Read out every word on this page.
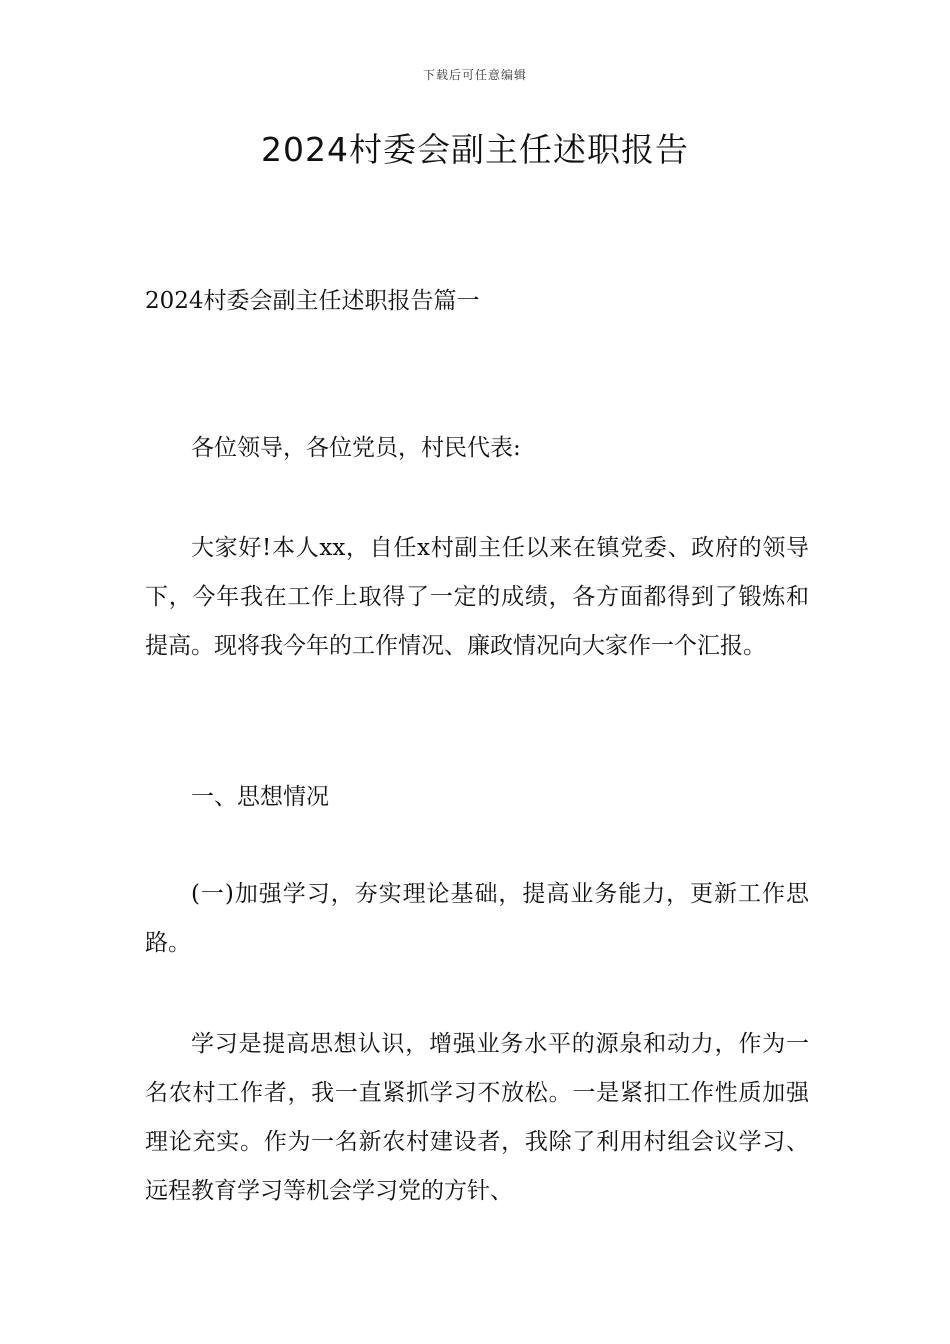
下载后可任意编辑
2024村委会副主任述职报告
2024村委会副主任述职报告篇一

各位领导，各位党员，村民代表:

大家好!本人xx，自任x村副主任以来在镇党委、政府的领导下，今年我在工作上取得了一定的成绩，各方面都得到了锻炼和提高。现将我今年的工作情况、廉政情况向大家作一个汇报。

一、思想情况

(一)加强学习，夯实理论基础，提高业务能力，更新工作思路。

学习是提高思想认识，增强业务水平的源泉和动力，作为一名农村工作者，我一直紧抓学习不放松。一是紧扣工作性质加强理论充实。作为一名新农村建设者，我除了利用村组会议学习、远程教育学习等机会学习党的方针、
